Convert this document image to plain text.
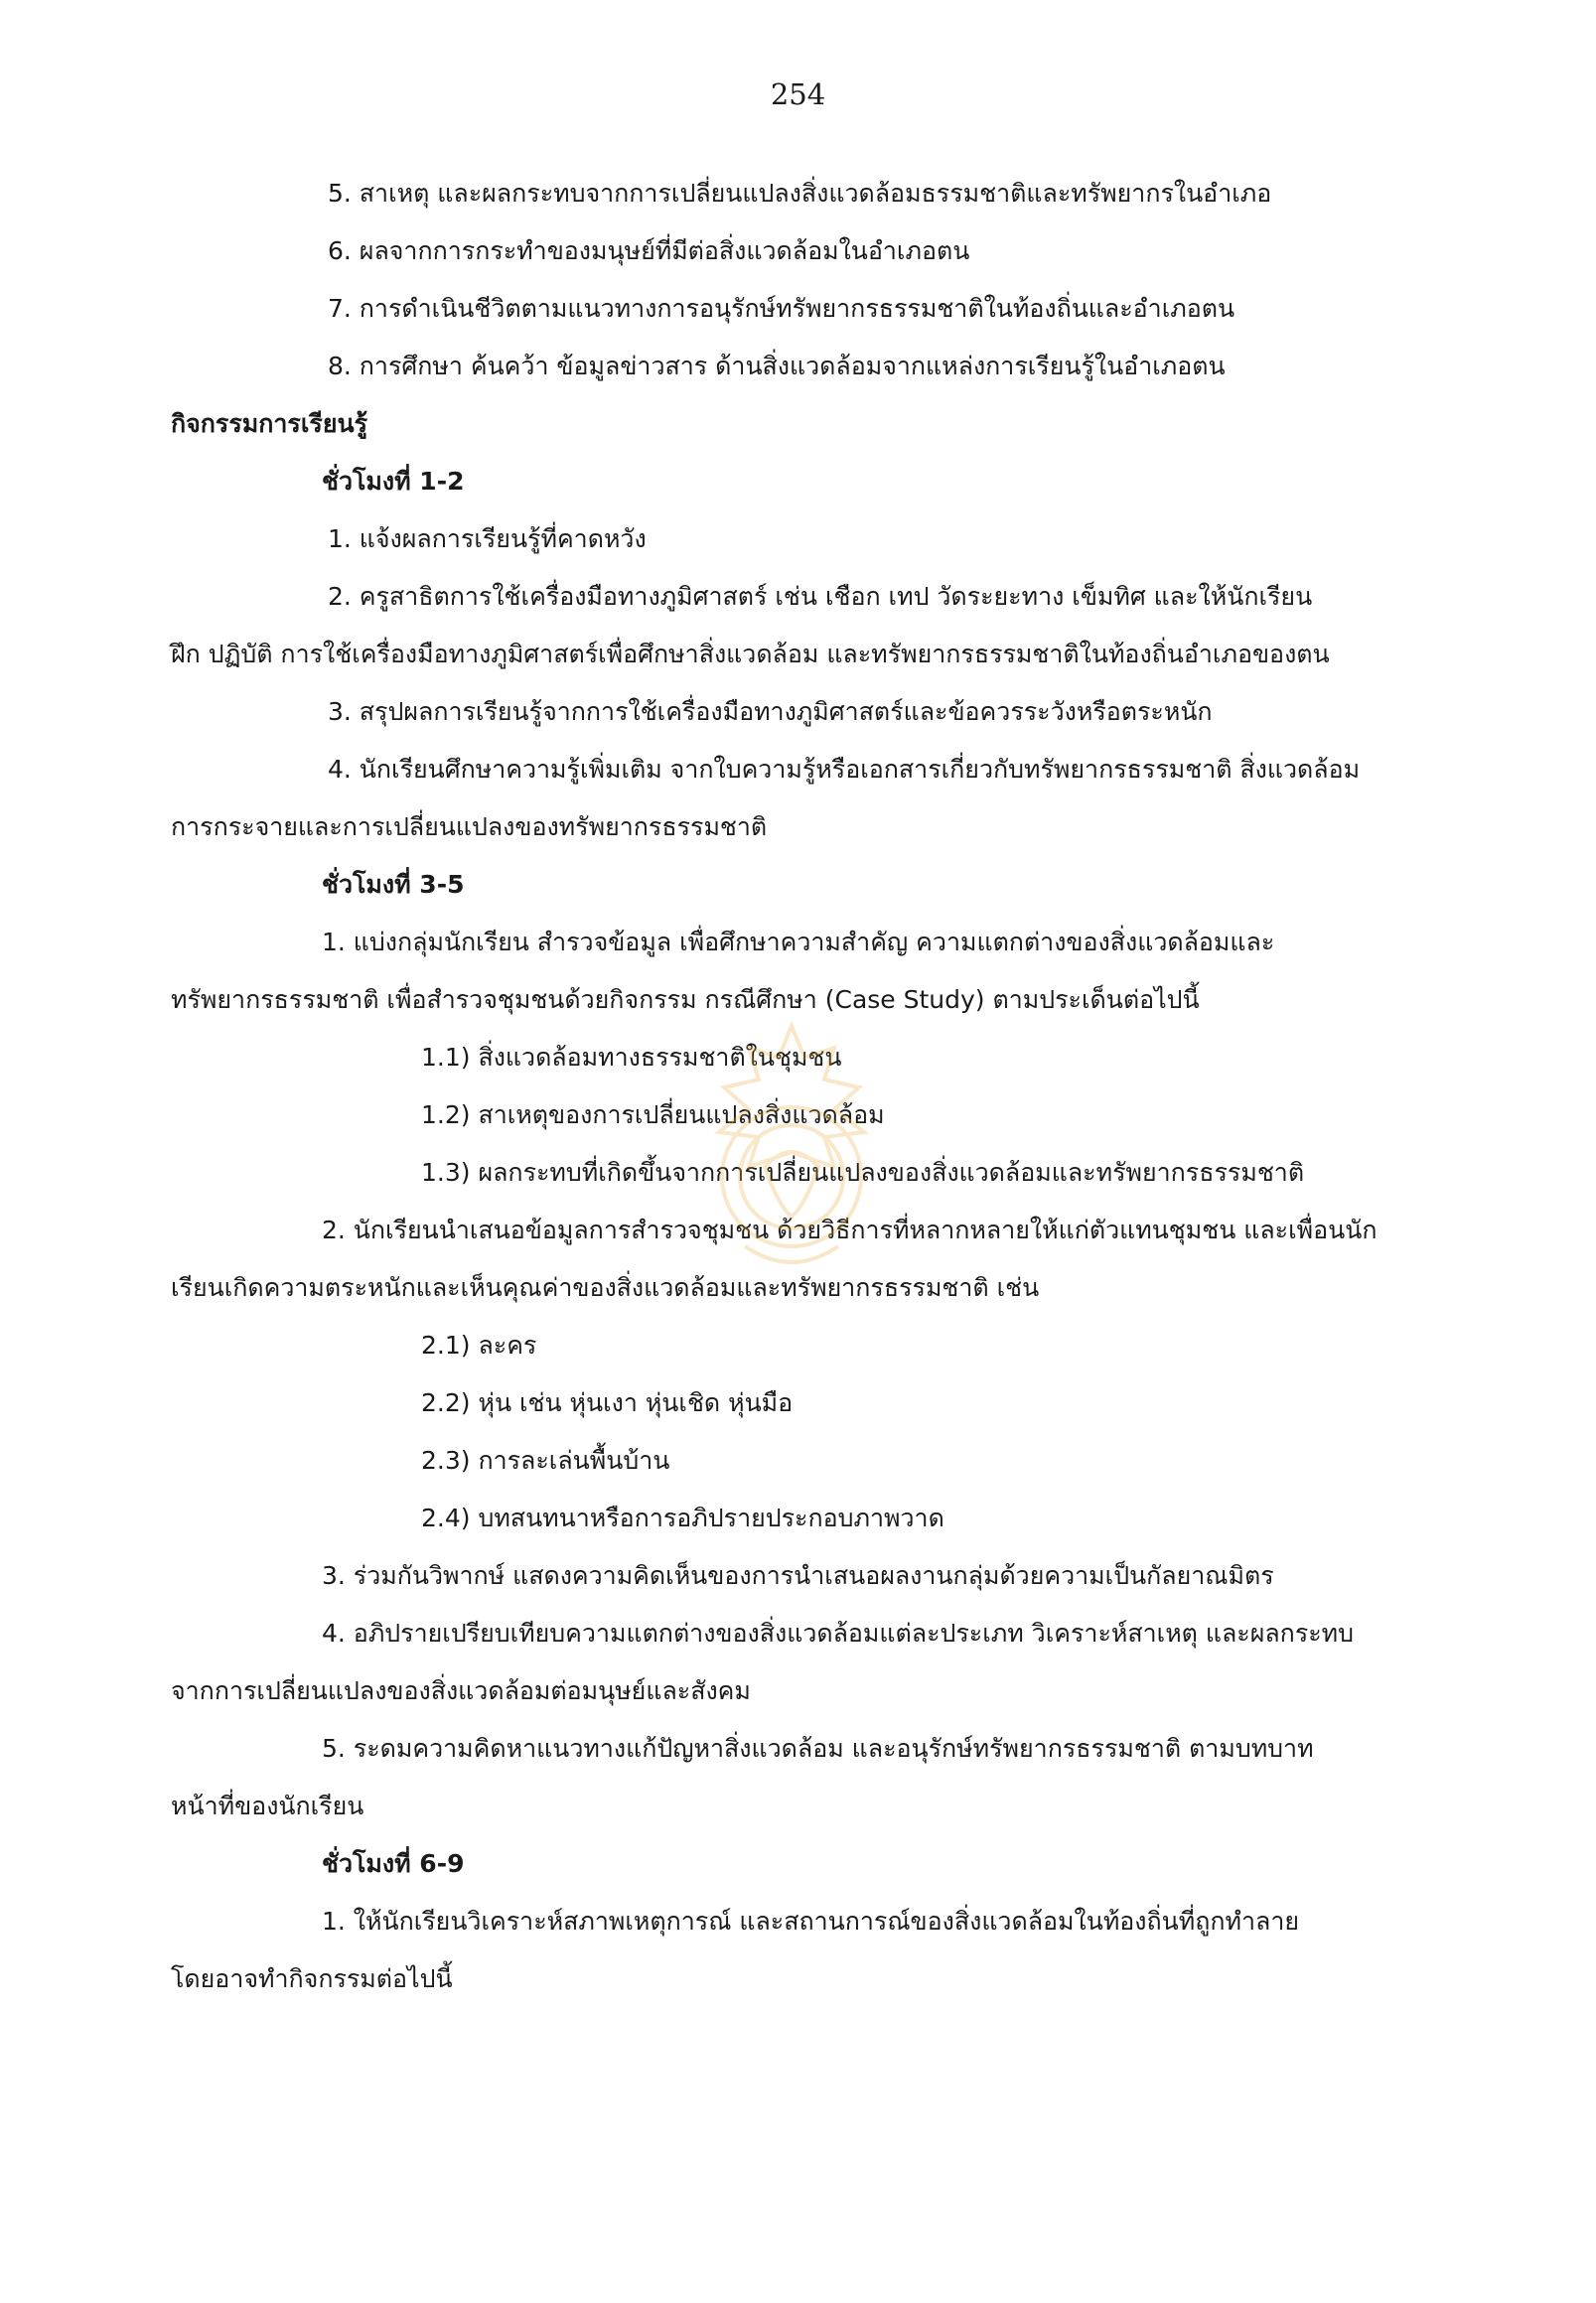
254
5. สาเหตุ และผลกระทบจากการเปลี่ยนแปลงสิ่งแวดล้อมธรรมชาติและทรัพยากรในอำเภอ
6. ผลจากการกระทำของมนุษย์ที่มีต่อสิ่งแวดล้อมในอำเภอตน
7. การดำเนินชีวิตตามแนวทางการอนุรักษ์ทรัพยากรธรรมชาติในท้องถิ่นและอำเภอตน
8. การศึกษา ค้นคว้า ข้อมูลข่าวสาร ด้านสิ่งแวดล้อมจากแหล่งการเรียนรู้ในอำเภอตน
กิจกรรมการเรียนรู้
ชั่วโมงที่ 1-2
1. แจ้งผลการเรียนรู้ที่คาดหวัง
2. ครูสาธิตการใช้เครื่องมือทางภูมิศาสตร์ เช่น เชือก เทป วัดระยะทาง เข็มทิศ และให้นักเรียน
ฝึก ปฏิบัติ การใช้เครื่องมือทางภูมิศาสตร์เพื่อศึกษาสิ่งแวดล้อม และทรัพยากรธรรมชาติในท้องถิ่นอำเภอของตน
3. สรุปผลการเรียนรู้จากการใช้เครื่องมือทางภูมิศาสตร์และข้อควรระวังหรือตระหนัก
4. นักเรียนศึกษาความรู้เพิ่มเติม จากใบความรู้หรือเอกสารเกี่ยวกับทรัพยากรธรรมชาติ สิ่งแวดล้อม
การกระจายและการเปลี่ยนแปลงของทรัพยากรธรรมชาติ
ชั่วโมงที่ 3-5
1. แบ่งกลุ่มนักเรียน สำรวจข้อมูล เพื่อศึกษาความสำคัญ ความแตกต่างของสิ่งแวดล้อมและ
ทรัพยากรธรรมชาติ เพื่อสำรวจชุมชนด้วยกิจกรรม กรณีศึกษา (Case Study) ตามประเด็นต่อไปนี้
1.1) สิ่งแวดล้อมทางธรรมชาติในชุมชน
1.2) สาเหตุของการเปลี่ยนแปลงสิ่งแวดล้อม
1.3) ผลกระทบที่เกิดขึ้นจากการเปลี่ยนแปลงของสิ่งแวดล้อมและทรัพยากรธรรมชาติ
2. นักเรียนนำเสนอข้อมูลการสำรวจชุมชน ด้วยวิธีการที่หลากหลายให้แก่ตัวแทนชุมชน และเพื่อนนัก
เรียนเกิดความตระหนักและเห็นคุณค่าของสิ่งแวดล้อมและทรัพยากรธรรมชาติ เช่น
2.1) ละคร
2.2) หุ่น เช่น หุ่นเงา หุ่นเชิด หุ่นมือ
2.3) การละเล่นพื้นบ้าน
2.4) บทสนทนาหรือการอภิปรายประกอบภาพวาด
3. ร่วมกันวิพากษ์ แสดงความคิดเห็นของการนำเสนอผลงานกลุ่มด้วยความเป็นกัลยาณมิตร
4. อภิปรายเปรียบเทียบความแตกต่างของสิ่งแวดล้อมแต่ละประเภท วิเคราะห์สาเหตุ และผลกระทบ
จากการเปลี่ยนแปลงของสิ่งแวดล้อมต่อมนุษย์และสังคม
5. ระดมความคิดหาแนวทางแก้ปัญหาสิ่งแวดล้อม และอนุรักษ์ทรัพยากรธรรมชาติ ตามบทบาท
หน้าที่ของนักเรียน
ชั่วโมงที่ 6-9
1. ให้นักเรียนวิเคราะห์สภาพเหตุการณ์ และสถานการณ์ของสิ่งแวดล้อมในท้องถิ่นที่ถูกทำลาย
โดยอาจทำกิจกรรมต่อไปนี้
